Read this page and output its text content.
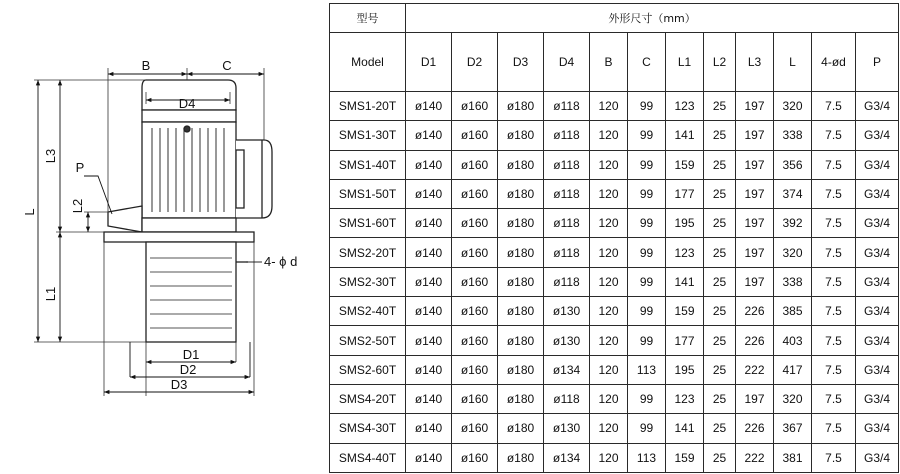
B	C
D4
L3
L
P
L2
L1
4- ϕ d
D1
D2
D3
型号	外形尺寸（mm）											
Model	D1	D2	D3	D4	B	C	L1	L2	L3	L	4-ød	P
SMS1-20T	ø140	ø160	ø180	ø118	120	99	123	25	197	320	7.5	G3/4
SMS1-30T	ø140	ø160	ø180	ø118	120	99	141	25	197	338	7.5	G3/4
SMS1-40T	ø140	ø160	ø180	ø118	120	99	159	25	197	356	7.5	G3/4
SMS1-50T	ø140	ø160	ø180	ø118	120	99	177	25	197	374	7.5	G3/4
SMS1-60T	ø140	ø160	ø180	ø118	120	99	195	25	197	392	7.5	G3/4
SMS2-20T	ø140	ø160	ø180	ø118	120	99	123	25	197	320	7.5	G3/4
SMS2-30T	ø140	ø160	ø180	ø118	120	99	141	25	197	338	7.5	G3/4
SMS2-40T	ø140	ø160	ø180	ø130	120	99	159	25	226	385	7.5	G3/4
SMS2-50T	ø140	ø160	ø180	ø130	120	99	177	25	226	403	7.5	G3/4
SMS2-60T	ø140	ø160	ø180	ø134	120	113	195	25	222	417	7.5	G3/4
SMS4-20T	ø140	ø160	ø180	ø118	120	99	123	25	197	320	7.5	G3/4
SMS4-30T	ø140	ø160	ø180	ø130	120	99	141	25	226	367	7.5	G3/4
SMS4-40T	ø140	ø160	ø180	ø134	120	113	159	25	222	381	7.5	G3/4
